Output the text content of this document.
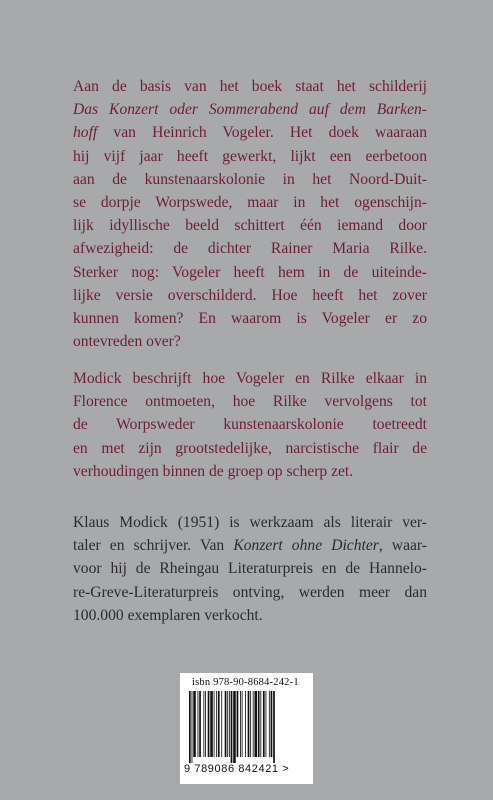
Aan de basis van het boek staat het schilderij
Das Konzert oder Sommerabend auf dem Barken-
hoff van Heinrich Vogeler. Het doek waaraan
hij vijf jaar heeft gewerkt, lijkt een eerbetoon
aan de kunstenaarskolonie in het Noord-Duit-
se dorpje Worpswede, maar in het ogenschijn-
lijk idyllische beeld schittert één iemand door
afwezigheid: de dichter Rainer Maria Rilke.
Sterker nog: Vogeler heeft hem in de uiteinde-
lijke versie overschilderd. Hoe heeft het zover
kunnen komen? En waarom is Vogeler er zo
ontevreden over?
Modick beschrijft hoe Vogeler en Rilke elkaar in
Florence ontmoeten, hoe Rilke vervolgens tot
de Worpsweder kunstenaarskolonie toetreedt
en met zijn grootstedelijke, narcistische flair de
verhoudingen binnen de groep op scherp zet.
Klaus Modick (1951) is werkzaam als literair ver-
taler en schrijver. Van Konzert ohne Dichter, waar-
voor hij de Rheingau Literaturpreis en de Hannelo-
re-Greve-Literaturpreis ontving, werden meer dan
100.000 exemplaren verkocht.
isbn 978-90-8684-242-1
9 789086 842421 >
